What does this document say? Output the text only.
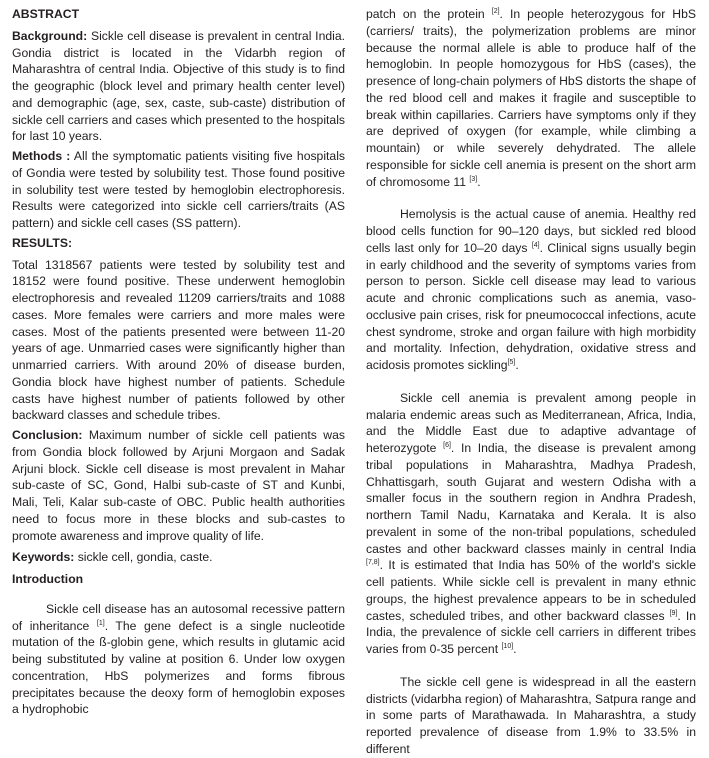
ABSTRACT

Background: Sickle cell disease is prevalent in central India. Gondia district is located in the Vidarbh region of Maharashtra of central India. Objective of this study is to find the geographic (block level and primary health center level) and demographic (age, sex, caste, sub-caste) distribution of sickle cell carriers and cases which presented to the hospitals for last 10 years.

Methods : All the symptomatic patients visiting five hospitals of Gondia were tested by solubility test. Those found positive in solubility test were tested by hemoglobin electrophoresis. Results were categorized into sickle cell carriers/traits (AS pattern) and sickle cell cases (SS pattern).

RESULTS:

Total 1318567 patients were tested by solubility test and 18152 were found positive. These underwent hemoglobin electrophoresis and revealed 11209 carriers/traits and 1088 cases. More females were carriers and more males were cases. Most of the patients presented were between 11-20 years of age. Unmarried cases were significantly higher than unmarried carriers. With around 20% of disease burden, Gondia block have highest number of patients. Schedule casts have highest number of patients followed by other backward classes and schedule tribes.

Conclusion: Maximum number of sickle cell patients was from Gondia block followed by Arjuni Morgaon and Sadak Arjuni block. Sickle cell disease is most prevalent in Mahar sub-caste of SC, Gond, Halbi sub-caste of ST and Kunbi, Mali, Teli, Kalar sub-caste of OBC. Public health authorities need to focus more in these blocks and sub-castes to promote awareness and improve quality of life.

Keywords: sickle cell, gondia, caste.

Introduction

Sickle cell disease has an autosomal recessive pattern of inheritance [1]. The gene defect is a single nucleotide mutation of the ß-globin gene, which results in glutamic acid being substituted by valine at position 6. Under low oxygen concentration, HbS polymerizes and forms fibrous precipitates because the deoxy form of hemoglobin exposes a hydrophobic

patch on the protein [2]. In people heterozygous for HbS (carriers/ traits), the polymerization problems are minor because the normal allele is able to produce half of the hemoglobin. In people homozygous for HbS (cases), the presence of long-chain polymers of HbS distorts the shape of the red blood cell and makes it fragile and susceptible to break within capillaries. Carriers have symptoms only if they are deprived of oxygen (for example, while climbing a mountain) or while severely dehydrated. The allele responsible for sickle cell anemia is present on the short arm of chromosome 11 [3].

Hemolysis is the actual cause of anemia. Healthy red blood cells function for 90–120 days, but sickled red blood cells last only for 10–20 days [4]. Clinical signs usually begin in early childhood and the severity of symptoms varies from person to person. Sickle cell disease may lead to various acute and chronic complications such as anemia, vaso-occlusive pain crises, risk for pneumococcal infections, acute chest syndrome, stroke and organ failure with high morbidity and mortality. Infection, dehydration, oxidative stress and acidosis promotes sickling[5].

Sickle cell anemia is prevalent among people in malaria endemic areas such as Mediterranean, Africa, India, and the Middle East due to adaptive advantage of heterozygote [6]. In India, the disease is prevalent among tribal populations in Maharashtra, Madhya Pradesh, Chhattisgarh, south Gujarat and western Odisha with a smaller focus in the southern region in Andhra Pradesh, northern Tamil Nadu, Karnataka and Kerala. It is also prevalent in some of the non-tribal populations, scheduled castes and other backward classes mainly in central India [7,8]. It is estimated that India has 50% of the world's sickle cell patients. While sickle cell is prevalent in many ethnic groups, the highest prevalence appears to be in scheduled castes, scheduled tribes, and other backward classes [9]. In India, the prevalence of sickle cell carriers in different tribes varies from 0-35 percent [10].

The sickle cell gene is widespread in all the eastern districts (vidarbha region) of Maharashtra, Satpura range and in some parts of Marathawada. In Maharashtra, a study reported prevalence of disease from 1.9% to 33.5% in different
